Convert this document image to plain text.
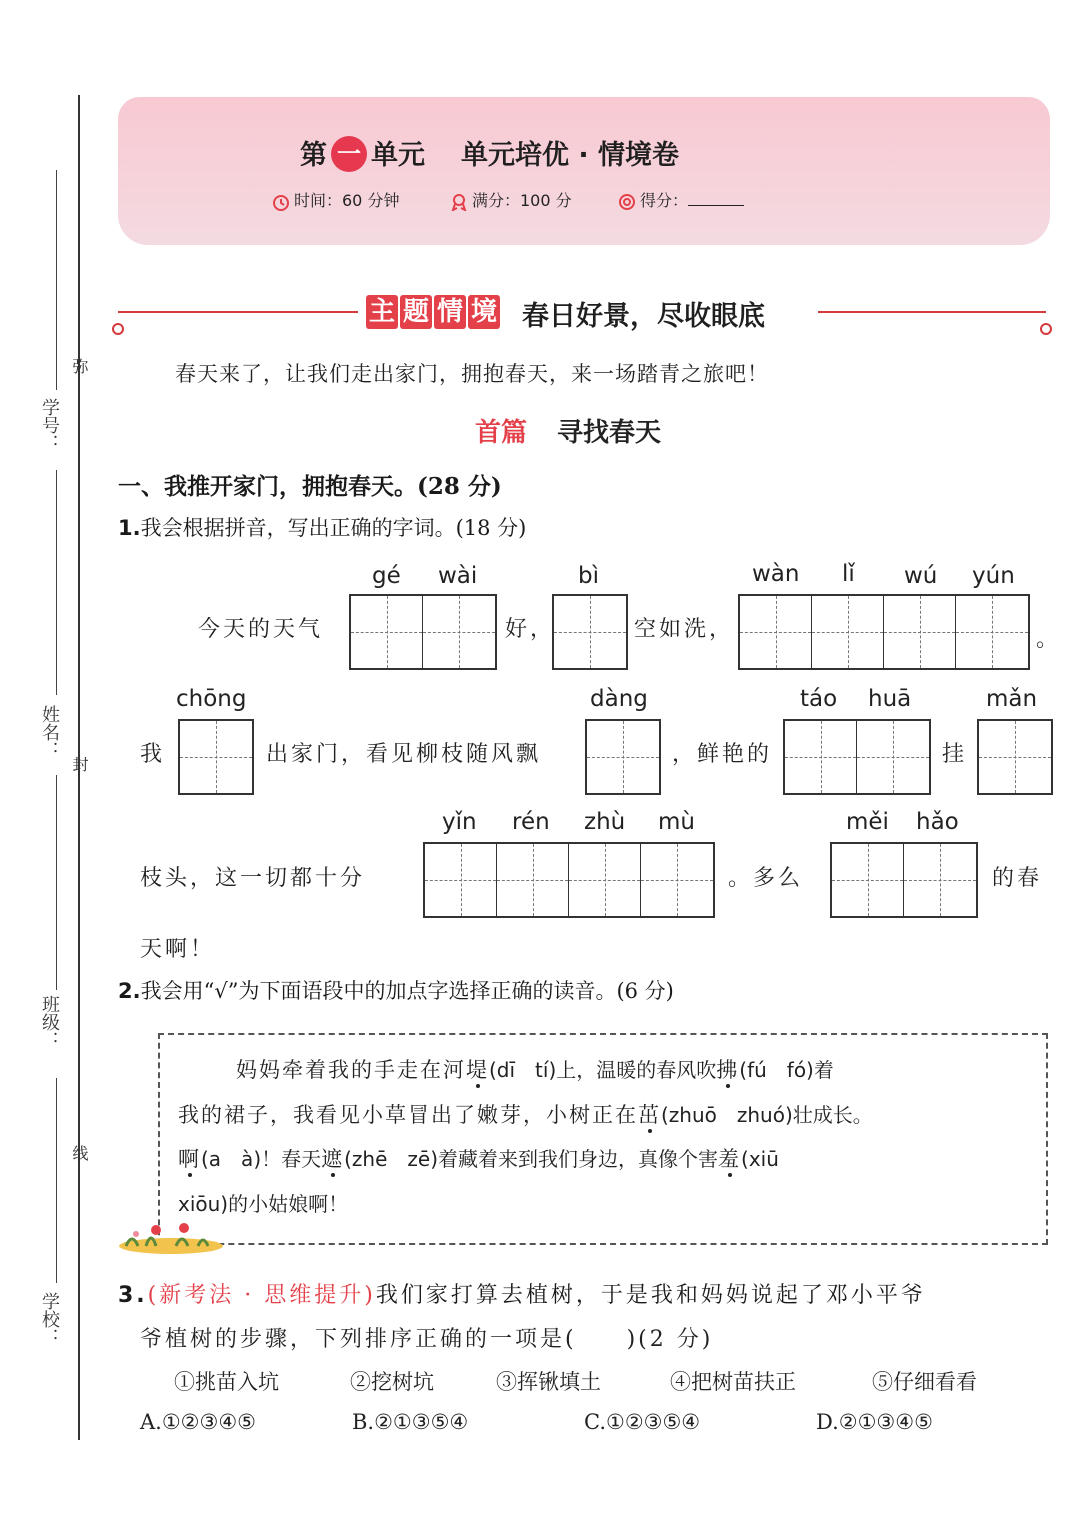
学号：
姓名：
班级：
学校：
弥
封
线
第 一 单元 单元培优 · 情境卷
时间：60 分钟	满分：100 分	得分：
主 题 情 境 春日好景，尽收眼底
春天来了，让我们走出家门，拥抱春天，来一场踏青之旅吧！
首篇 寻找春天
一、我推开家门，拥抱春天。(28 分)
1.我会根据拼音，写出正确的字词。(18 分)
今天的天气
gé wài
好，
bì
空如洗，
wàn lǐ wú yún
。
我
chōng
出家门，看见柳枝随风飘
dàng
，鲜艳的
táo huā
挂
mǎn
枝头，这一切都十分
yǐn rén zhù mù
。多么
měi hǎo
的春
天啊！
2.我会用“√”为下面语段中的加点字选择正确的读音。(6 分)
妈妈牵着我的手走在河堤(dī　tí)上，温暖的春风吹拂(fú　fó)着
我的裙子，我看见小草冒出了嫩芽，小树正在茁(zhuō　zhuó)壮成长。
啊(a　à)！春天遮(zhē　zē)着藏着来到我们身边，真像个害羞(xiū
xiōu)的小姑娘啊！
3.(新考法 · 思维提升)我们家打算去植树，于是我和妈妈说起了邓小平爷
爷植树的步骤，下列排序正确的一项是(　　)(2 分)
①挑苗入坑	②挖树坑	③挥锹填土	④把树苗扶正	⑤仔细看看
A.①②③④⑤	B.②①③⑤④	C.①②③⑤④	D.②①③④⑤
